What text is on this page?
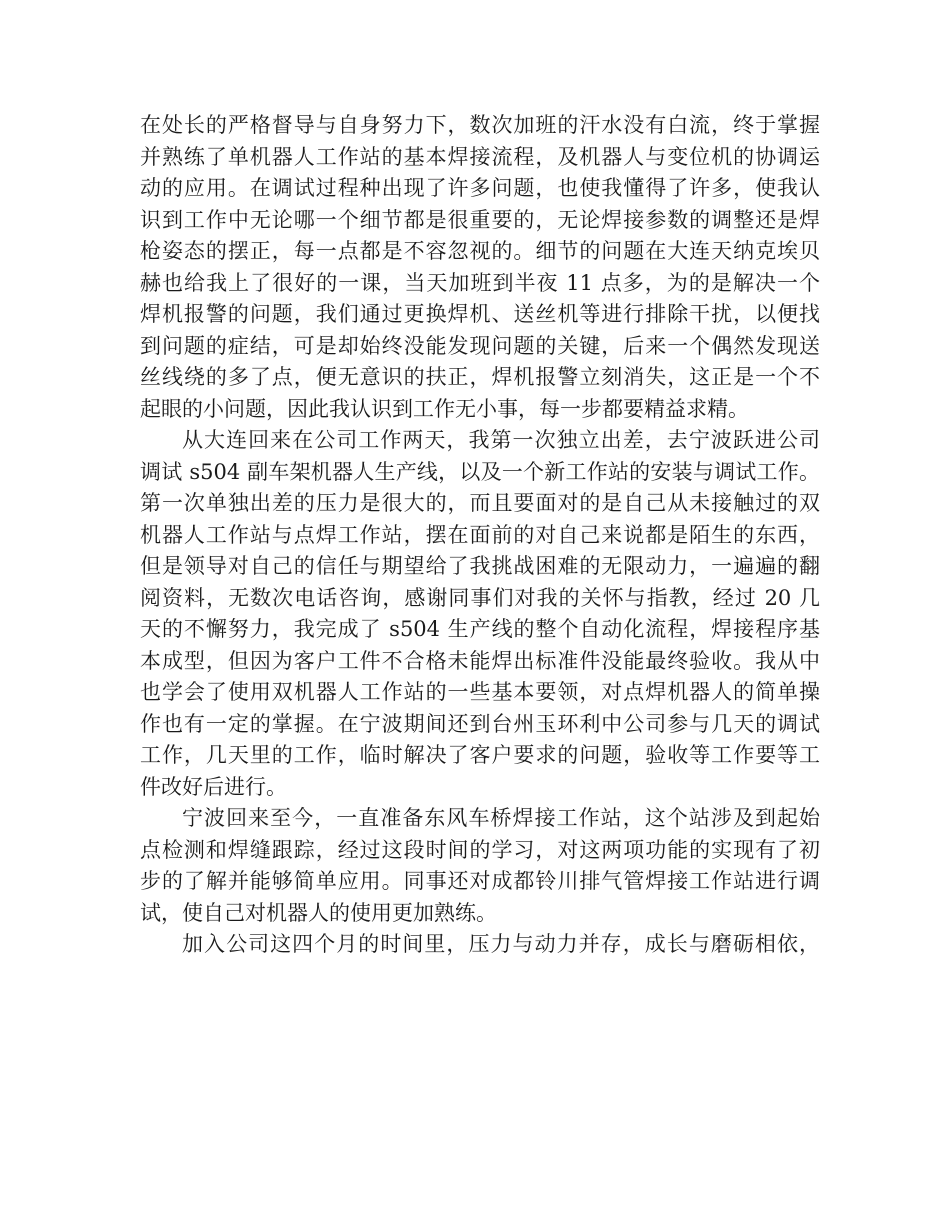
在处长的严格督导与自身努力下，数次加班的汗水没有白流，终于掌握
并熟练了单机器人工作站的基本焊接流程，及机器人与变位机的协调运
动的应用。在调试过程种出现了许多问题，也使我懂得了许多，使我认
识到工作中无论哪一个细节都是很重要的，无论焊接参数的调整还是焊
枪姿态的摆正，每一点都是不容忽视的。细节的问题在大连天纳克埃贝
赫也给我上了很好的一课，当天加班到半夜 11 点多，为的是解决一个
焊机报警的问题，我们通过更换焊机、送丝机等进行排除干扰，以便找
到问题的症结，可是却始终没能发现问题的关键，后来一个偶然发现送
丝线绕的多了点，便无意识的扶正，焊机报警立刻消失，这正是一个不
起眼的小问题，因此我认识到工作无小事，每一步都要精益求精。
从大连回来在公司工作两天，我第一次独立出差，去宁波跃进公司
调试 s504 副车架机器人生产线，以及一个新工作站的安装与调试工作。
第一次单独出差的压力是很大的，而且要面对的是自己从未接触过的双
机器人工作站与点焊工作站，摆在面前的对自己来说都是陌生的东西，
但是领导对自己的信任与期望给了我挑战困难的无限动力，一遍遍的翻
阅资料，无数次电话咨询，感谢同事们对我的关怀与指教，经过 20 几
天的不懈努力，我完成了 s504 生产线的整个自动化流程，焊接程序基
本成型，但因为客户工件不合格未能焊出标准件没能最终验收。我从中
也学会了使用双机器人工作站的一些基本要领，对点焊机器人的简单操
作也有一定的掌握。在宁波期间还到台州玉环利中公司参与几天的调试
工作，几天里的工作，临时解决了客户要求的问题，验收等工作要等工
件改好后进行。
宁波回来至今，一直准备东风车桥焊接工作站，这个站涉及到起始
点检测和焊缝跟踪，经过这段时间的学习，对这两项功能的实现有了初
步的了解并能够简单应用。同事还对成都铃川排气管焊接工作站进行调
试，使自己对机器人的使用更加熟练。
加入公司这四个月的时间里，压力与动力并存，成长与磨砺相依，
